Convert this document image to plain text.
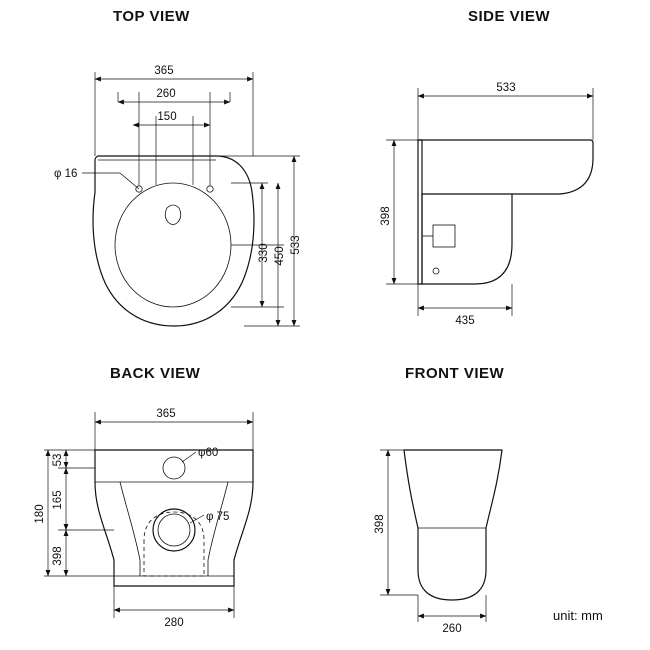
TOP VIEW	SIDE VIEW
BACK VIEW	FRONT VIEW
365
260
150
φ 16
533
450
330
533
398
435
365
53
165
398
180
φ60
φ 75
280
398
260
unit: mm
